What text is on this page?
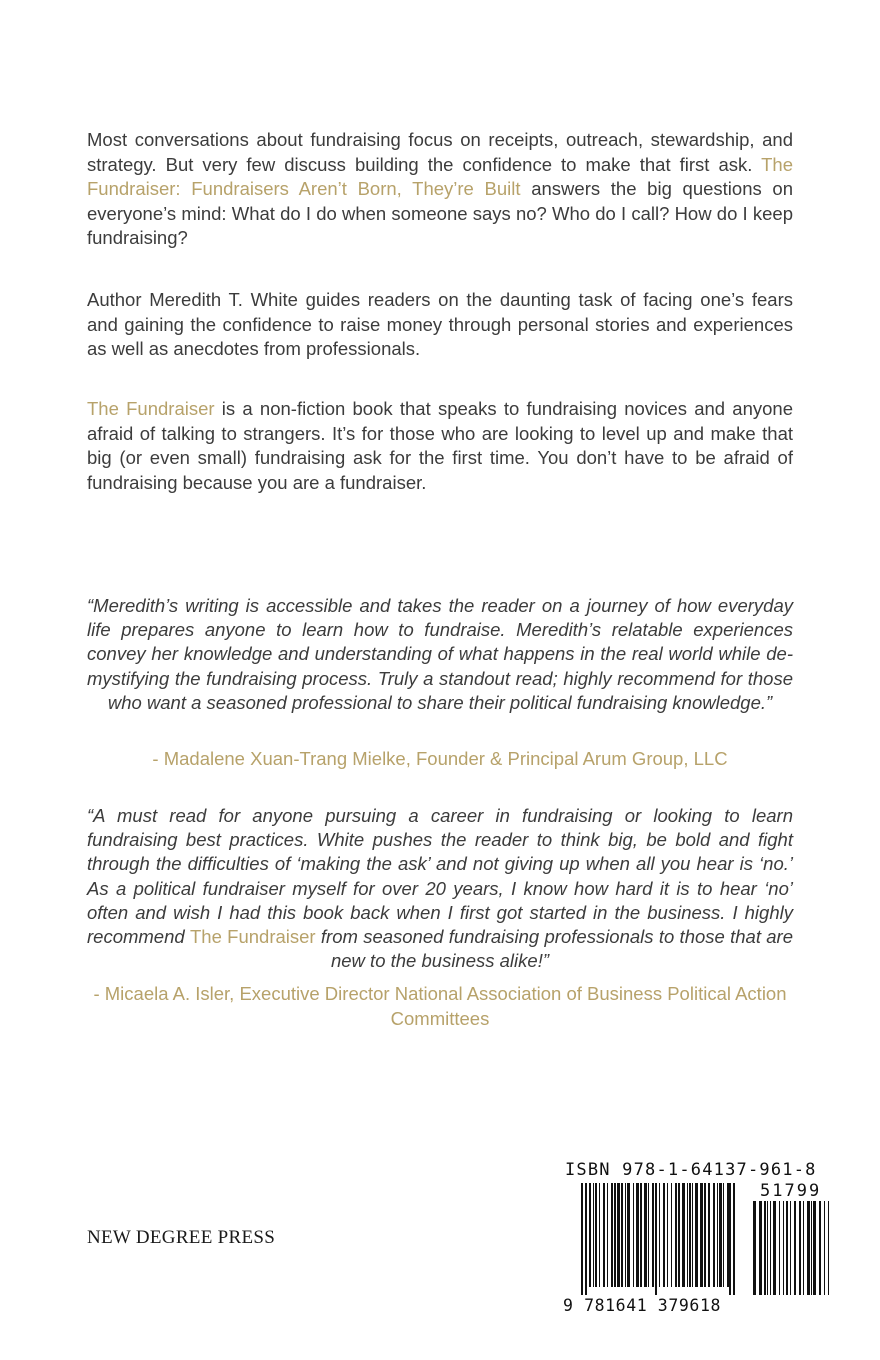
Most conversations about fundraising focus on receipts, outreach, stewardship, and strategy. But very few discuss building the confidence to make that first ask. The Fundraiser: Fundraisers Aren’t Born, They’re Built answers the big questions on everyone’s mind: What do I do when someone says no? Who do I call? How do I keep fundraising?

Author Meredith T. White guides readers on the daunting task of facing one’s fears and gaining the confidence to raise money through personal stories and experiences as well as anecdotes from professionals.

The Fundraiser is a non-fiction book that speaks to fundraising novices and anyone afraid of talking to strangers. It’s for those who are looking to level up and make that big (or even small) fundraising ask for the first time. You don’t have to be afraid of fundraising because you are a fundraiser.

“Meredith’s writing is accessible and takes the reader on a journey of how everyday life prepares anyone to learn how to fundraise. Meredith’s relatable experiences convey her knowledge and understanding of what happens in the real world while de-mystifying the fundraising process. Truly a standout read; highly recommend for those who want a seasoned professional to share their political fundraising knowledge.”

- Madalene Xuan-Trang Mielke, Founder & Principal Arum Group, LLC

“A must read for anyone pursuing a career in fundraising or looking to learn fundraising best practices. White pushes the reader to think big, be bold and fight through the difficulties of ‘making the ask’ and not giving up when all you hear is ‘no.’ As a political fundraiser myself for over 20 years, I know how hard it is to hear ‘no’ often and wish I had this book back when I first got started in the business. I highly recommend The Fundraiser from seasoned fundraising professionals to those that are new to the business alike!”

- Micaela A. Isler, Executive Director National Association of Business Political Action Committees

NEW DEGREE PRESS
ISBN 978-1-64137-961-8
51799
9 781641 379618
